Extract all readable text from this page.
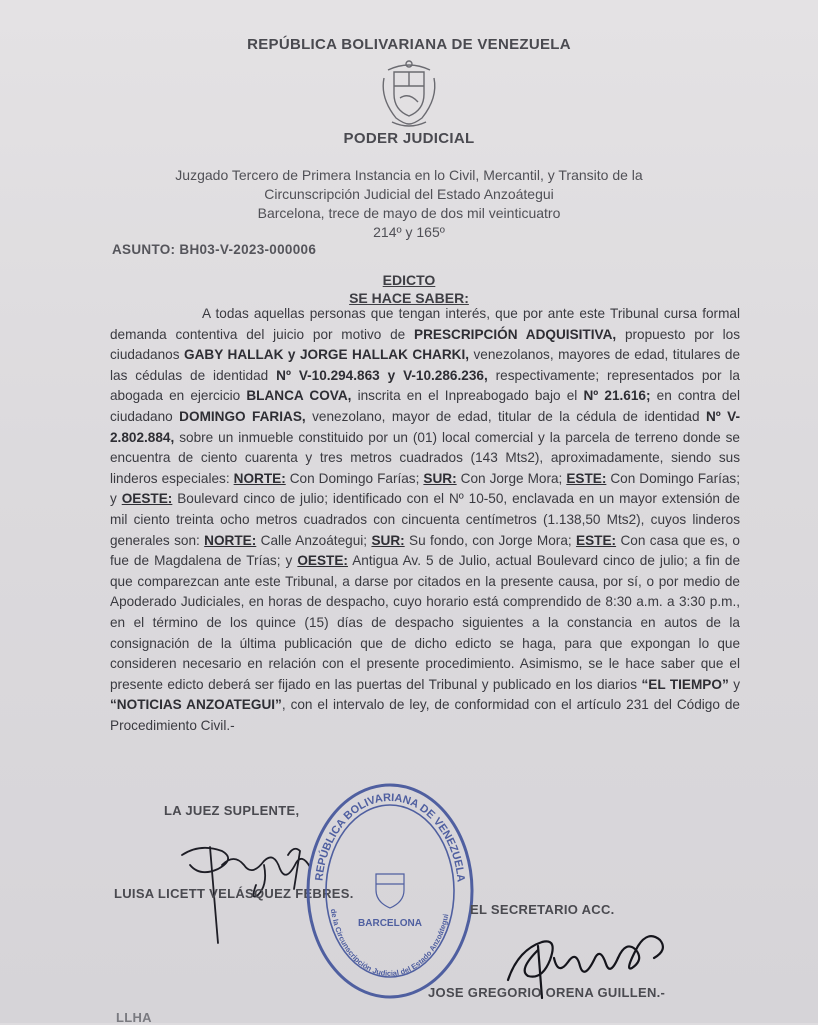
REPÚBLICA BOLIVARIANA DE VENEZUELA
PODER JUDICIAL
Juzgado Tercero de Primera Instancia en lo Civil, Mercantil, y Transito de la
Circunscripción Judicial del Estado Anzoátegui
Barcelona, trece de mayo de dos mil veinticuatro
214º y 165º
ASUNTO: BH03-V-2023-000006
EDICTO
SE HACE SABER:
A todas aquellas personas que tengan interés, que por ante este Tribunal cursa formal demanda contentiva del juicio por motivo de PRESCRIPCIÓN ADQUISITIVA, propuesto por los ciudadanos GABY HALLAK y JORGE HALLAK CHARKI, venezolanos, mayores de edad, titulares de las cédulas de identidad Nº V-10.294.863 y V-10.286.236, respectivamente; representados por la abogada en ejercicio BLANCA COVA, inscrita en el Inpreabogado bajo el Nº 21.616; en contra del ciudadano DOMINGO FARIAS, venezolano, mayor de edad, titular de la cédula de identidad Nº V-2.802.884, sobre un inmueble constituido por un (01) local comercial y la parcela de terreno donde se encuentra de ciento cuarenta y tres metros cuadrados (143 Mts2), aproximadamente, siendo sus linderos especiales: NORTE: Con Domingo Farías; SUR: Con Jorge Mora; ESTE: Con Domingo Farías; y OESTE: Boulevard cinco de julio; identificado con el Nº 10-50, enclavada en un mayor extensión de mil ciento treinta ocho metros cuadrados con cincuenta centímetros (1.138,50 Mts2), cuyos linderos generales son: NORTE: Calle Anzoátegui; SUR: Su fondo, con Jorge Mora; ESTE: Con casa que es, o fue de Magdalena de Trías; y OESTE: Antigua Av. 5 de Julio, actual Boulevard cinco de julio; a fin de que comparezcan ante este Tribunal, a darse por citados en la presente causa, por sí, o por medio de Apoderado Judiciales, en horas de despacho, cuyo horario está comprendido de 8:30 a.m. a 3:30 p.m., en el término de los quince (15) días de despacho siguientes a la constancia en autos de la consignación de la última publicación que de dicho edicto se haga, para que expongan lo que consideren necesario en relación con el presente procedimiento. Asimismo, se le hace saber que el presente edicto deberá ser fijado en las puertas del Tribunal y publicado en los diarios “EL TIEMPO” y “NOTICIAS ANZOATEGUI”, con el intervalo de ley, de conformidad con el artículo 231 del Código de Procedimiento Civil.-
LA JUEZ SUPLENTE,
LUISA LICETT VELÁSQUEZ FEBRES.
REPÚBLICA BOLIVARIANA DE VENEZUELA
de la Circunscripción Judicial del Estado Anzoátegui
BARCELONA
EL SECRETARIO ACC.
JOSE GREGORIO ORENA GUILLEN.-
LLHA
